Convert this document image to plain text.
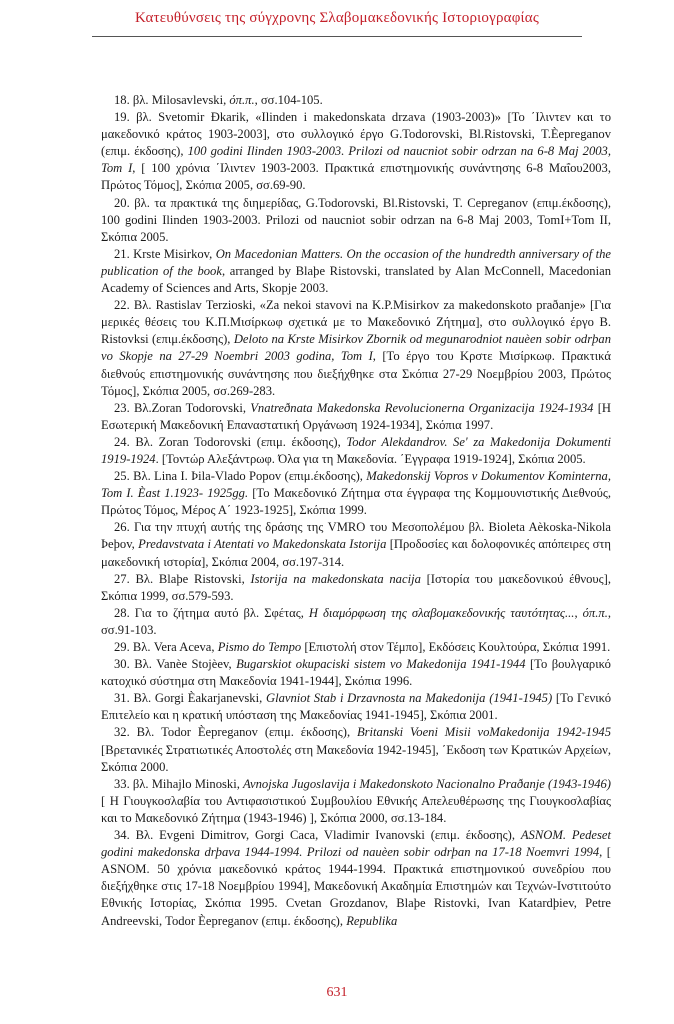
Κατευθύνσεις της σύγχρονης Σλαβομακεδονικής Ιστοριογραφίας

18. βλ. Milosavlevski, όπ.π., σσ.104-105.

19. βλ. Svetomir Ðkarik, «Ilinden i makedonskata drzava (1903-2003)» [Το ΄Ιλιντεν και το μακεδονικό κράτος 1903-2003], στο συλλογικό έργο G.Todorovski, Bl.Ristovski, T.Èepreganov (επιμ. έκδοσης), 100 godini Ilinden 1903-2003. Prilozi od naucniot sobir odrzan na 6-8 Maj 2003, Tom I, [ 100 χρόνια ΄Ιλιντεν 1903-2003. Πρακτικά επιστημονικής συνάντησης 6-8 Μαΐου2003, Πρώτος Τόμος], Σκόπια 2005, σσ.69-90.

20. βλ. τα πρακτικά της διημερίδας, G.Todorovski, Bl.Ristovski, T. Cepreganov (επιμ.έκδοσης), 100 godini Ilinden 1903-2003. Prilozi od naucniot sobir odrzan na 6-8 Maj 2003, TomI+Tom II, Σκόπια 2005.

21. Krste Misirkov, On Macedonian Matters. On the occasion of the hundredth anniversary of the publication of the book, arranged by Blaþe Ristovski, translated by Alan McConnell, Macedonian Academy of Sciences and Arts, Skopje 2003.

22. Βλ. Rastislav Terzioski, «Za nekoi stavovi na K.P.Misirkov za makedonskoto praðanje» [Για μερικές θέσεις του Κ.Π.Μισίρκωφ σχετικά με το Μακεδονικό Ζήτημα], στο συλλογικό έργο B. Ristovksi (επιμ.έκδοσης), Deloto na Krste Misirkov Zbornik od megunarodniot nauèen sobir odrþan vo Skopje na 27-29 Noembri 2003 godina, Tom I, [Το έργο του Κρστε Μισίρκωφ. Πρακτικά διεθνούς επιστημονικής συνάντησης που διεξήχθηκε στα Σκόπια 27-29 Νοεμβρίου 2003, Πρώτος Τόμος], Σκόπια 2005, σσ.269-283.

23. Βλ.Zoran Todorovski, Vnatreðnata Makedonska Revolucionerna Organizacija 1924-1934 [Η Εσωτερική Μακεδονική Επαναστατική Οργάνωση 1924-1934], Σκόπια 1997.

24. Βλ. Zoran Todorovski (επιμ. έκδοσης), Todor Alekdandrov. Se' za Makedonija Dokumenti 1919-1924. [Τοντώρ Αλεξάντρωφ. Όλα για τη Μακεδονία. ΄Εγγραφα 1919-1924], Σκόπια 2005.

25. Βλ. Lina I. Þila-Vlado Popov (επιμ.έκδοσης), Makedonskij Vopros v Dokumentov Kominterna, Tom I. Èast 1.1923- 1925gg. [Το Μακεδονικό Ζήτημα στα έγγραφα της Κομμουνιστικής Διεθνούς, Πρώτος Τόμος, Μέρος Α΄ 1923-1925], Σκόπια 1999.

26. Για την πτυχή αυτής της δράσης της VMRO του Μεσοπολέμου βλ. Bioleta Aèkoska-Nikola Þeþov, Predavstvata i Atentati vo Makedonskata Istorija [Προδοσίες και δολοφονικές απόπειρες στη μακεδονική ιστορία], Σκόπια 2004, σσ.197-314.

27. Βλ. Blaþe Ristovski, Istorija na makedonskata nacija [Ιστορία του μακεδονικού έθνους], Σκόπια 1999, σσ.579-593.

28. Για το ζήτημα αυτό βλ. Σφέτας, Η διαμόρφωση της σλαβομακεδονικής ταυτότητας..., όπ.π., σσ.91-103.

29. Βλ. Vera Aceva, Pismo do Tempo [Επιστολή στον Τέμπο], Εκδόσεις Κουλτούρα, Σκόπια 1991.

30. Βλ. Vanèe Stojèev, Bugarskiot okupaciski sistem vo Makedonija 1941-1944 [Το βουλγαρικό κατοχικό σύστημα στη Μακεδονία 1941-1944], Σκόπια 1996.

31. Βλ. Gorgi Èakarjanevski, Glavniot Stab i Drzavnosta na Makedonija (1941-1945) [Το Γενικό Επιτελείο και η κρατική υπόσταση της Μακεδονίας 1941-1945], Σκόπια 2001.

32. Βλ. Todor Èepreganov (επιμ. έκδοσης), Britanski Voeni Misii voMakedonija 1942-1945 [Βρετανικές Στρατιωτικές Αποστολές στη Μακεδονία 1942-1945], ΄Εκδοση των Κρατικών Αρχείων, Σκόπια 2000.

33. βλ. Mihajlo Minoski, Avnojska Jugoslavija i Makedonskoto Nacionalno Praðanje (1943-1946) [ Η Γιουγκοσλαβία του Αντιφασιστικού Συμβουλίου Εθνικής Απελευθέρωσης της Γιουγκοσλαβίας και το Μακεδονικό Ζήτημα (1943-1946) ], Σκόπια 2000, σσ.13-184.

34. Βλ. Evgeni Dimitrov, Gorgi Caca, Vladimir Ivanovski (επιμ. έκδοσης), ASNOM. Pedeset godini makedonska drþava 1944-1994. Prilozi od nauèen sobir odrþan na 17-18 Noemvri 1994, [ ASNOM. 50 χρόνια μακεδονικό κράτος 1944-1994. Πρακτικά επιστημονικού συνεδρίου που διεξήχθηκε στις 17-18 Νοεμβρίου 1994], Μακεδονική Ακαδημία Επιστημών και Τεχνών-Ινστιτούτο Εθνικής Ιστορίας, Σκόπια 1995. Cvetan Grozdanov, Blaþe Ristovki, Ivan Katardþiev, Petre Andreevski, Todor Èepreganov (επιμ. έκδοσης), Republika

631
